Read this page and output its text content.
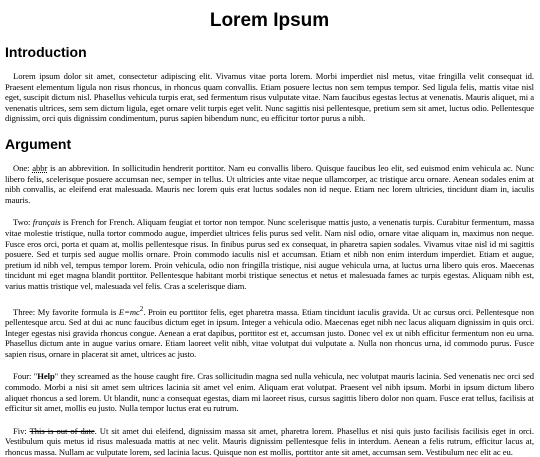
Lorem Ipsum
Introduction

Lorem ipsum dolor sit amet, consectetur adipiscing elit. Vivamus vitae porta lorem. Morbi imperdiet nisl metus, vitae fringilla velit consequat id. Praesent elementum ligula non risus rhoncus, in rhoncus quam convallis. Etiam posuere lectus non sem tempus tempor. Sed ligula felis, mattis vitae nisl eget, suscipit dictum nisl. Phasellus vehicula turpis erat, sed fermentum risus vulputate vitae. Nam faucibus egestas lectus at venenatis. Mauris aliquet, mi a venenatis ultrices, sem sem dictum ligula, eget ornare velit turpis eget velit. Nunc sagittis nisi pellentesque, pretium sem sit amet, luctus odio. Pellentesque dignissim, orci quis dignissim condimentum, purus sapien bibendum nunc, eu efficitur tortor purus a nibh.

Argument

One: abbr is an abbrevition. In sollicitudin hendrerit porttitor. Nam eu convallis libero. Quisque faucibus leo elit, sed euismod enim vehicula ac. Nunc libero felis, scelerisque posuere accumsan nec, semper in tellus. Ut ultricies ante vitae neque ullamcorper, ac tristique arcu ornare. Aenean sodales enim at nibh convallis, ac eleifend erat malesuada. Mauris nec lorem quis erat luctus sodales non id neque. Etiam nec lorem ultricies, tincidunt diam in, iaculis mauris.

Two: français is French for French. Aliquam feugiat et tortor non tempor. Nunc scelerisque mattis justo, a venenatis turpis. Curabitur fermentum, massa vitae molestie tristique, nulla tortor commodo augue, imperdiet ultrices felis purus sed velit. Nam nisl odio, ornare vitae aliquam in, maximus non neque. Fusce eros orci, porta et quam at, mollis pellentesque risus. In finibus purus sed ex consequat, in pharetra sapien sodales. Vivamus vitae nisl id mi sagittis posuere. Sed et turpis sed augue mollis ornare. Proin commodo iaculis nisl et accumsan. Etiam et nibh non enim interdum imperdiet. Etiam et augue, pretium id nibh vel, tempus tempor lorem. Proin vehicula, odio non fringilla tristique, nisi augue vehicula urna, at luctus urna libero quis eros. Maecenas tincidunt mi eget magna blandit porttitor. Pellentesque habitant morbi tristique senectus et netus et malesuada fames ac turpis egestas. Aliquam nibh est, varius mattis tristique vel, malesuada vel felis. Cras a scelerisque diam.

Three: My favorite formula is $E=mc^2$. Proin eu porttitor felis, eget pharetra massa. Etiam tincidunt iaculis gravida. Ut ac cursus orci. Pellentesque non pellentesque arcu. Sed at dui ac nunc faucibus dictum eget in ipsum. Integer a vehicula odio. Maecenas eget nibh nec lacus aliquam dignissim in quis orci. Integer egestas nisi gravida rhoncus congue. Aenean a erat dapibus, porttitor est et, accumsan justo. Donec vel ex ut nibh efficitur fermentum non eu urna. Phasellus dictum ante in augue varius ornare. Etiam laoreet velit nibh, vitae volutpat dui vulputate a. Nulla non rhoncus urna, id commodo purus. Fusce sapien risus, ornare in placerat sit amet, ultrices ac justo.

Four: "Help" they screamed as the house caught fire. Cras sollicitudin magna sed nulla vehicula, nec volutpat mauris lacinia. Sed venenatis nec orci sed commodo. Morbi a nisi sit amet sem ultrices lacinia sit amet vel enim. Aliquam erat volutpat. Praesent vel nibh ipsum. Morbi in ipsum dictum libero aliquet rhoncus a sed lorem. Ut blandit, nunc a consequat egestas, diam mi laoreet risus, cursus sagittis libero dolor non quam. Fusce erat tellus, facilisis at efficitur sit amet, mollis eu justo. Nulla tempor luctus erat eu rutrum.

Fiv: This is out of date. Ut sit amet dui eleifend, dignissim massa sit amet, pharetra lorem. Phasellus et nisi quis justo facilisis facilisis eget in orci. Vestibulum quis metus id risus malesuada mattis at nec velit. Mauris dignissim pellentesque felis in interdum. Aenean a felis rutrum, efficitur lacus at, rhoncus massa. Nullam ac vulputate lorem, sed lacinia lacus. Quisque non est mollis, porttitor ante sit amet, accumsan sem. Vestibulum nec elit ac eu.
